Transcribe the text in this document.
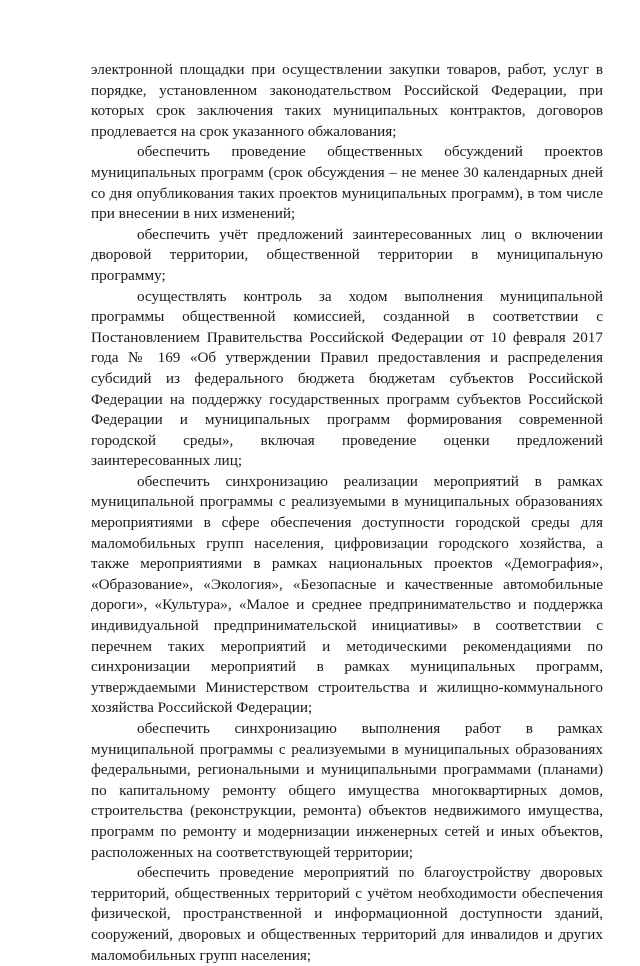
электронной площадки при осуществлении закупки товаров, работ, услуг в порядке, установленном законодательством Российской Федерации, при которых срок заключения таких муниципальных контрактов, договоров продлевается на срок указанного обжалования;

обеспечить проведение общественных обсуждений проектов муниципальных программ (срок обсуждения – не менее 30 календарных дней со дня опубликования таких проектов муниципальных программ), в том числе при внесении в них изменений;

обеспечить учёт предложений заинтересованных лиц о включении дворовой территории, общественной территории в муниципальную программу;

осуществлять контроль за ходом выполнения муниципальной программы общественной комиссией, созданной в соответствии с Постановлением Правительства Российской Федерации от 10 февраля 2017 года № 169 «Об утверждении Правил предоставления и распределения субсидий из федерального бюджета бюджетам субъектов Российской Федерации на поддержку государственных программ субъектов Российской Федерации и муниципальных программ формирования современной городской среды», включая проведение оценки предложений заинтересованных лиц;

обеспечить синхронизацию реализации мероприятий в рамках муниципальной программы с реализуемыми в муниципальных образованиях мероприятиями в сфере обеспечения доступности городской среды для маломобильных групп населения, цифровизации городского хозяйства, а также мероприятиями в рамках национальных проектов «Демография», «Образование», «Экология», «Безопасные и качественные автомобильные дороги», «Культура», «Малое и среднее предпринимательство и поддержка индивидуальной предпринимательской инициативы» в соответствии с перечнем таких мероприятий и методическими рекомендациями по синхронизации мероприятий в рамках муниципальных программ, утверждаемыми Министерством строительства и жилищно-коммунального хозяйства Российской Федерации;

обеспечить синхронизацию выполнения работ в рамках муниципальной программы с реализуемыми в муниципальных образованиях федеральными, региональными и муниципальными программами (планами) по капитальному ремонту общего имущества многоквартирных домов, строительства (реконструкции, ремонта) объектов недвижимого имущества, программ по ремонту и модернизации инженерных сетей и иных объектов, расположенных на соответствующей территории;

обеспечить проведение мероприятий по благоустройству дворовых территорий, общественных территорий с учётом необходимости обеспечения физической, пространственной и информационной доступности зданий, сооружений, дворовых и общественных территорий для инвалидов и других маломобильных групп населения;
